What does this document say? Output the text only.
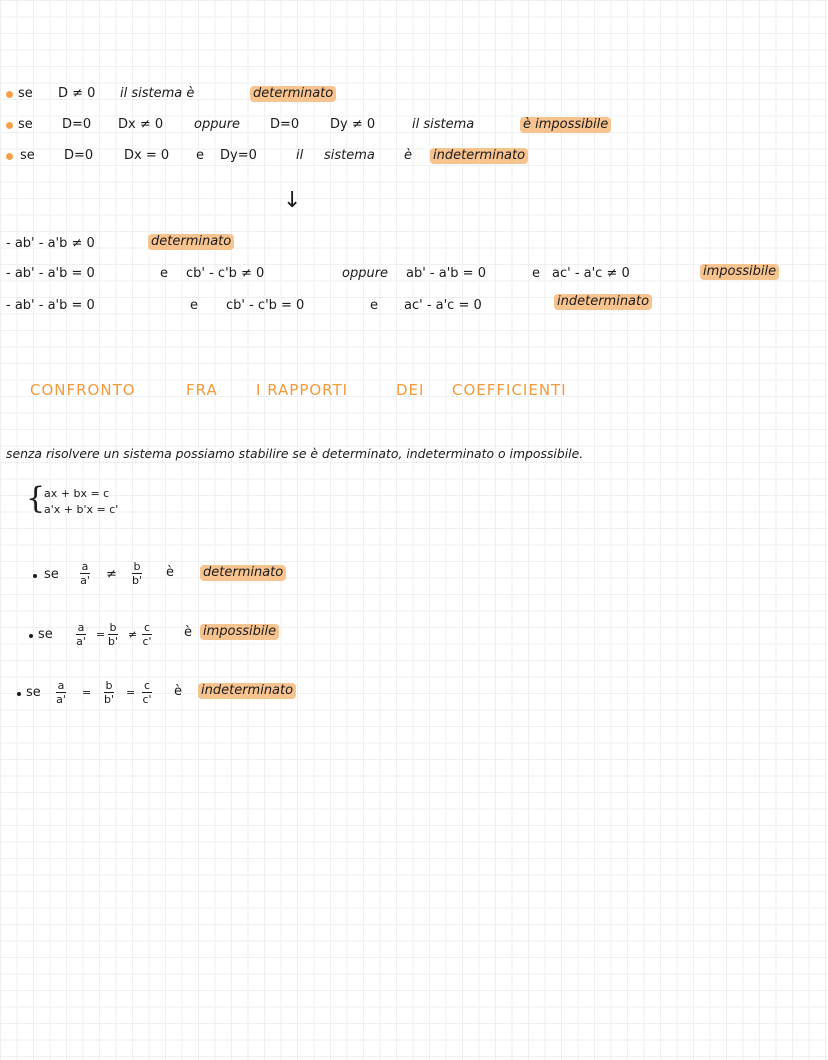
se D ≠ 0 il sistema è	determinato
se D=0 Dx ≠ 0 oppure D=0 Dy ≠ 0	il sistema	è impossibile
se D=0 Dx = 0 e Dy=0	il sistema è indeterminato
↓
- ab' - a'b ≠ 0	determinato
- ab' - a'b = 0	e cb' - c'b ≠ 0	oppure ab' - a'b = 0	e ac' - a'c ≠ 0	impossibile
- ab' - a'b = 0	e cb' - c'b = 0	e ac' - a'c = 0	indeterminato
CONFRONTO	FRA	I RAPPORTI	DEI COEFFICIENTI
senza risolvere un sistema possiamo stabilire se è determinato, indeterminato o impossibile.
{
ax + bx = c
a'x + b'x = c'
se
a
a' ≠
b
b'
è determinato
se a
a'
=
b
b'
≠
c
c'
è impossibile
se a
a'
=
b
b'
=
c
c'
è indeterminato
